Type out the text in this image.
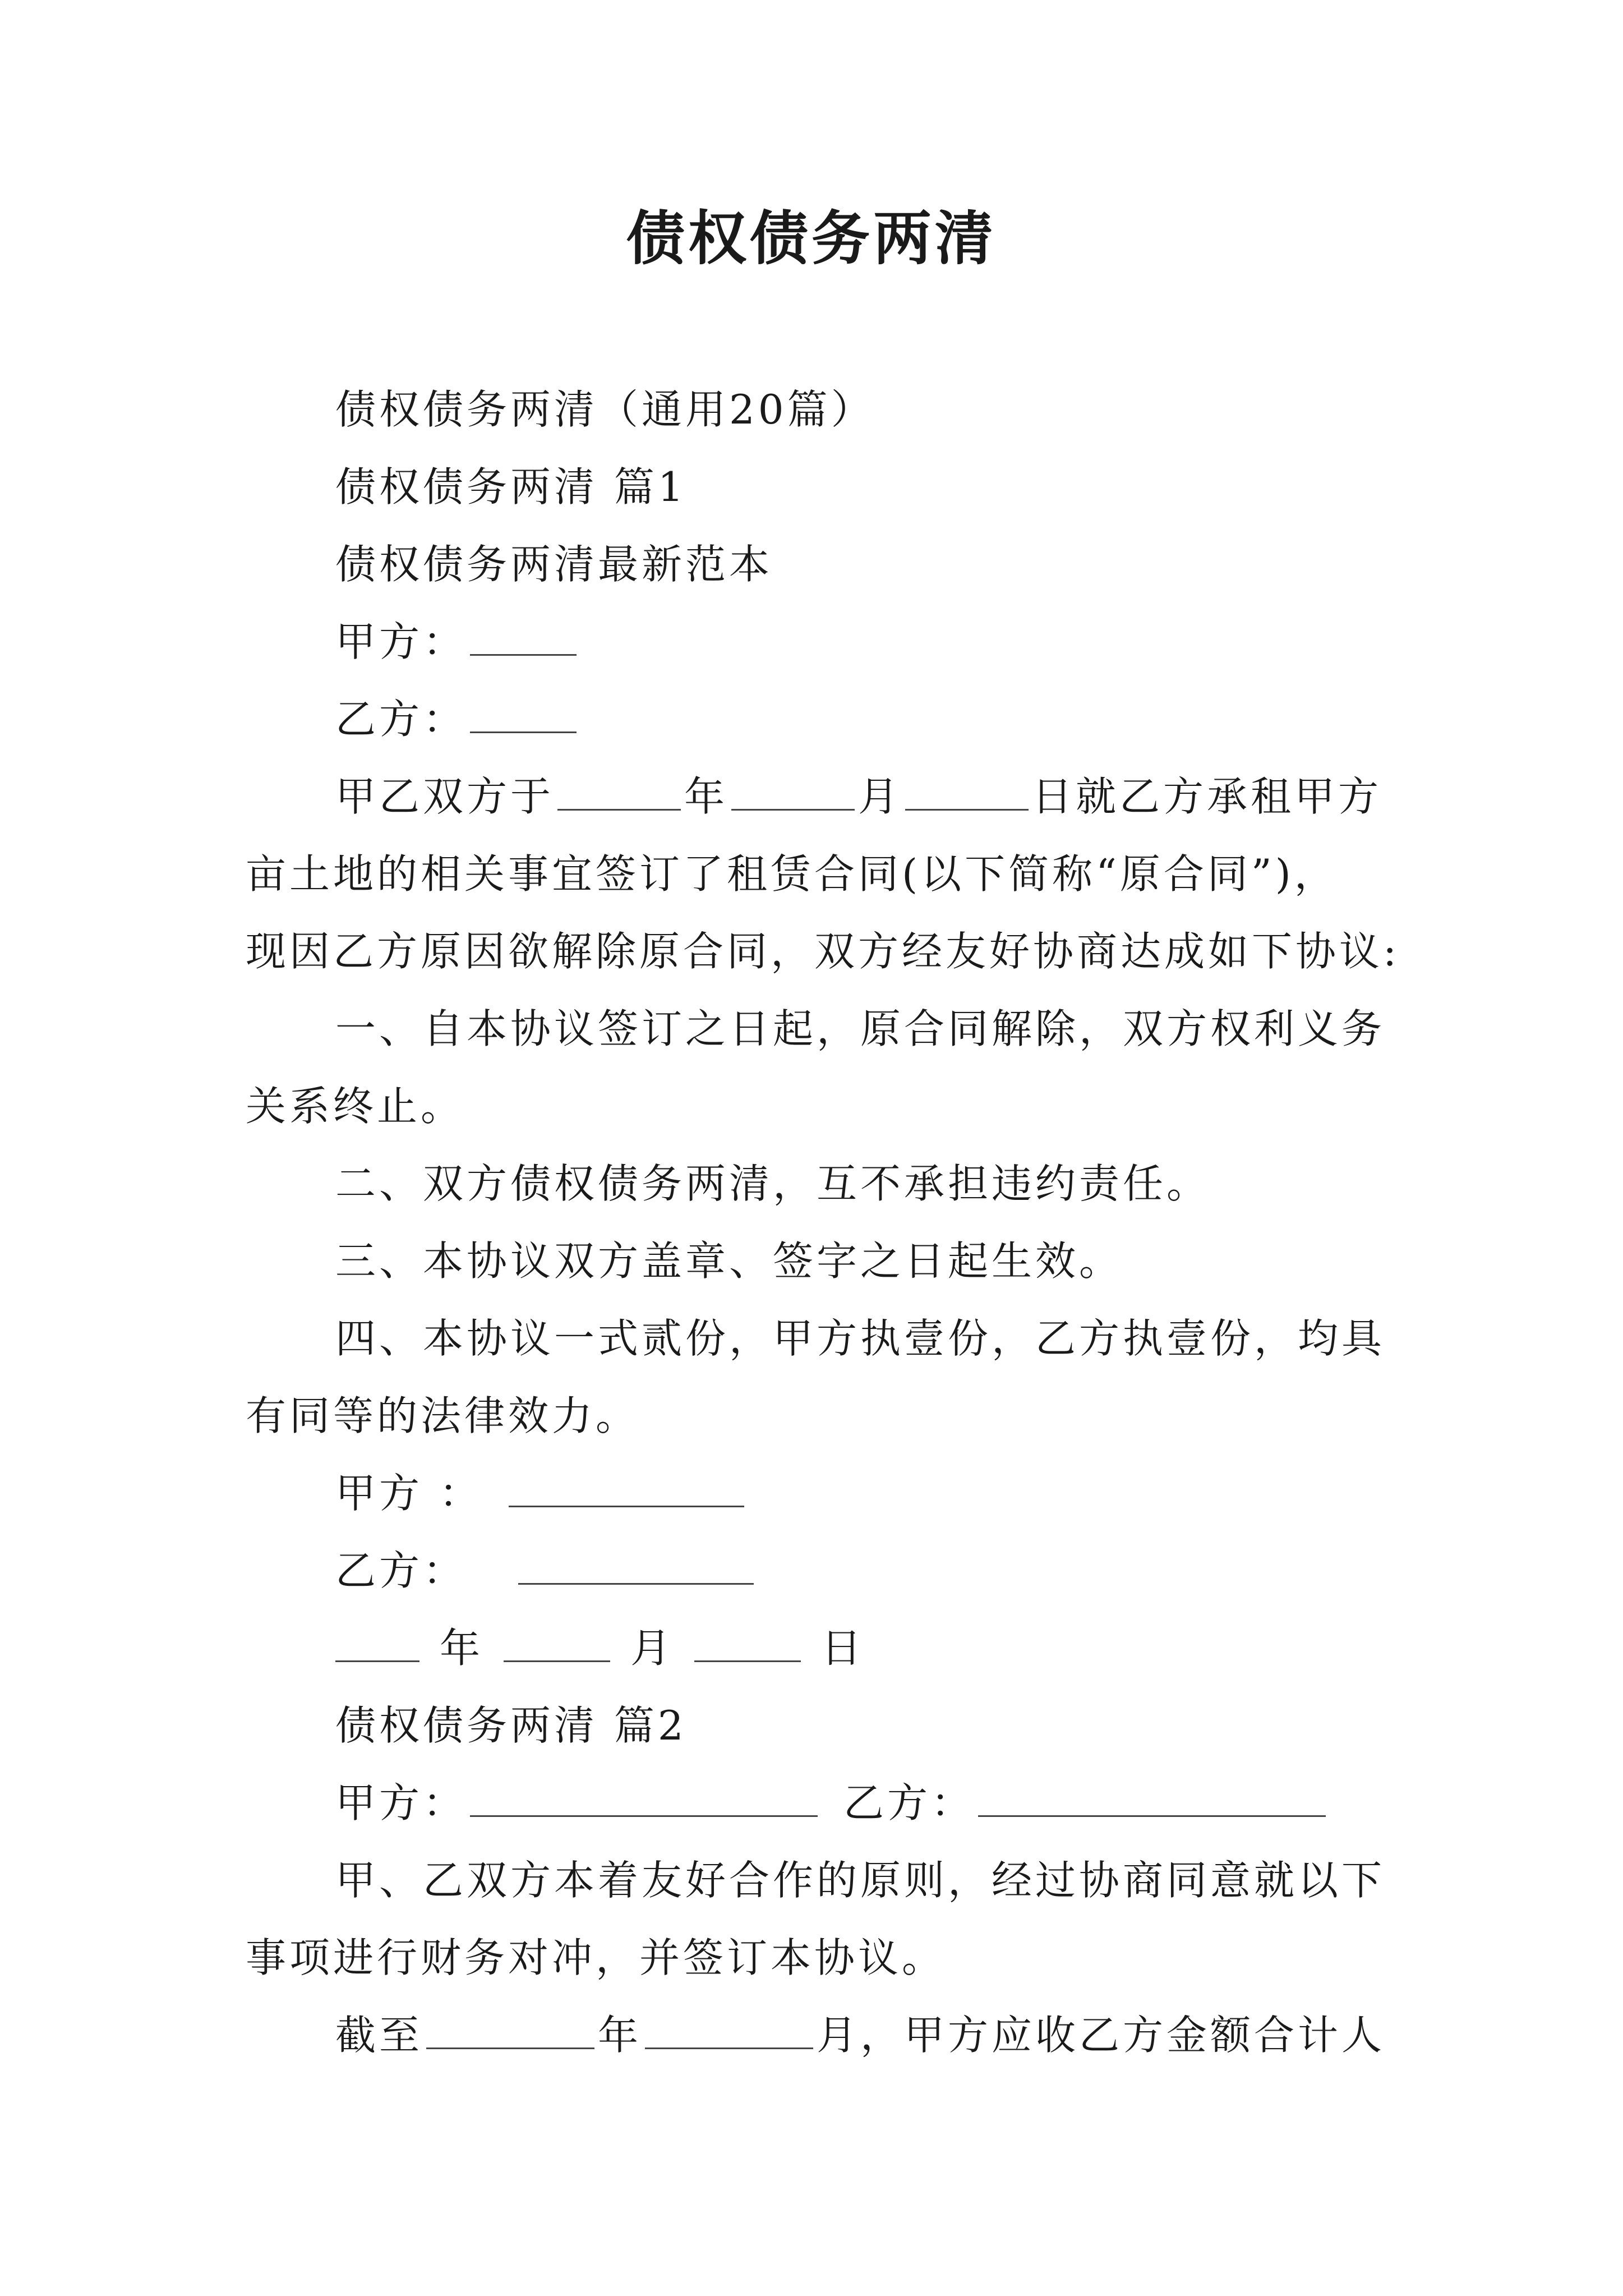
债权债务两清
债权债务两清（通用20篇）
债权债务两清 篇1
债权债务两清最新范本
甲方：
乙方：
甲乙双方于	年	月	日就乙方承租甲方
亩土地的相关事宜签订了租赁合同(以下简称“原合同”)，
现因乙方原因欲解除原合同，双方经友好协商达成如下协议:
一、自本协议签订之日起，原合同解除，双方权利义务
关系终止。
二、双方债权债务两清，互不承担违约责任。
三、本协议双方盖章、签字之日起生效。
四、本协议一式贰份，甲方执壹份，乙方执壹份，均具
有同等的法律效力。
甲方 ：
乙方：
年	月	日
债权债务两清 篇2
甲方：	乙方：
甲、乙双方本着友好合作的原则，经过协商同意就以下
事项进行财务对冲，并签订本协议。
截至	年	月，甲方应收乙方金额合计人
